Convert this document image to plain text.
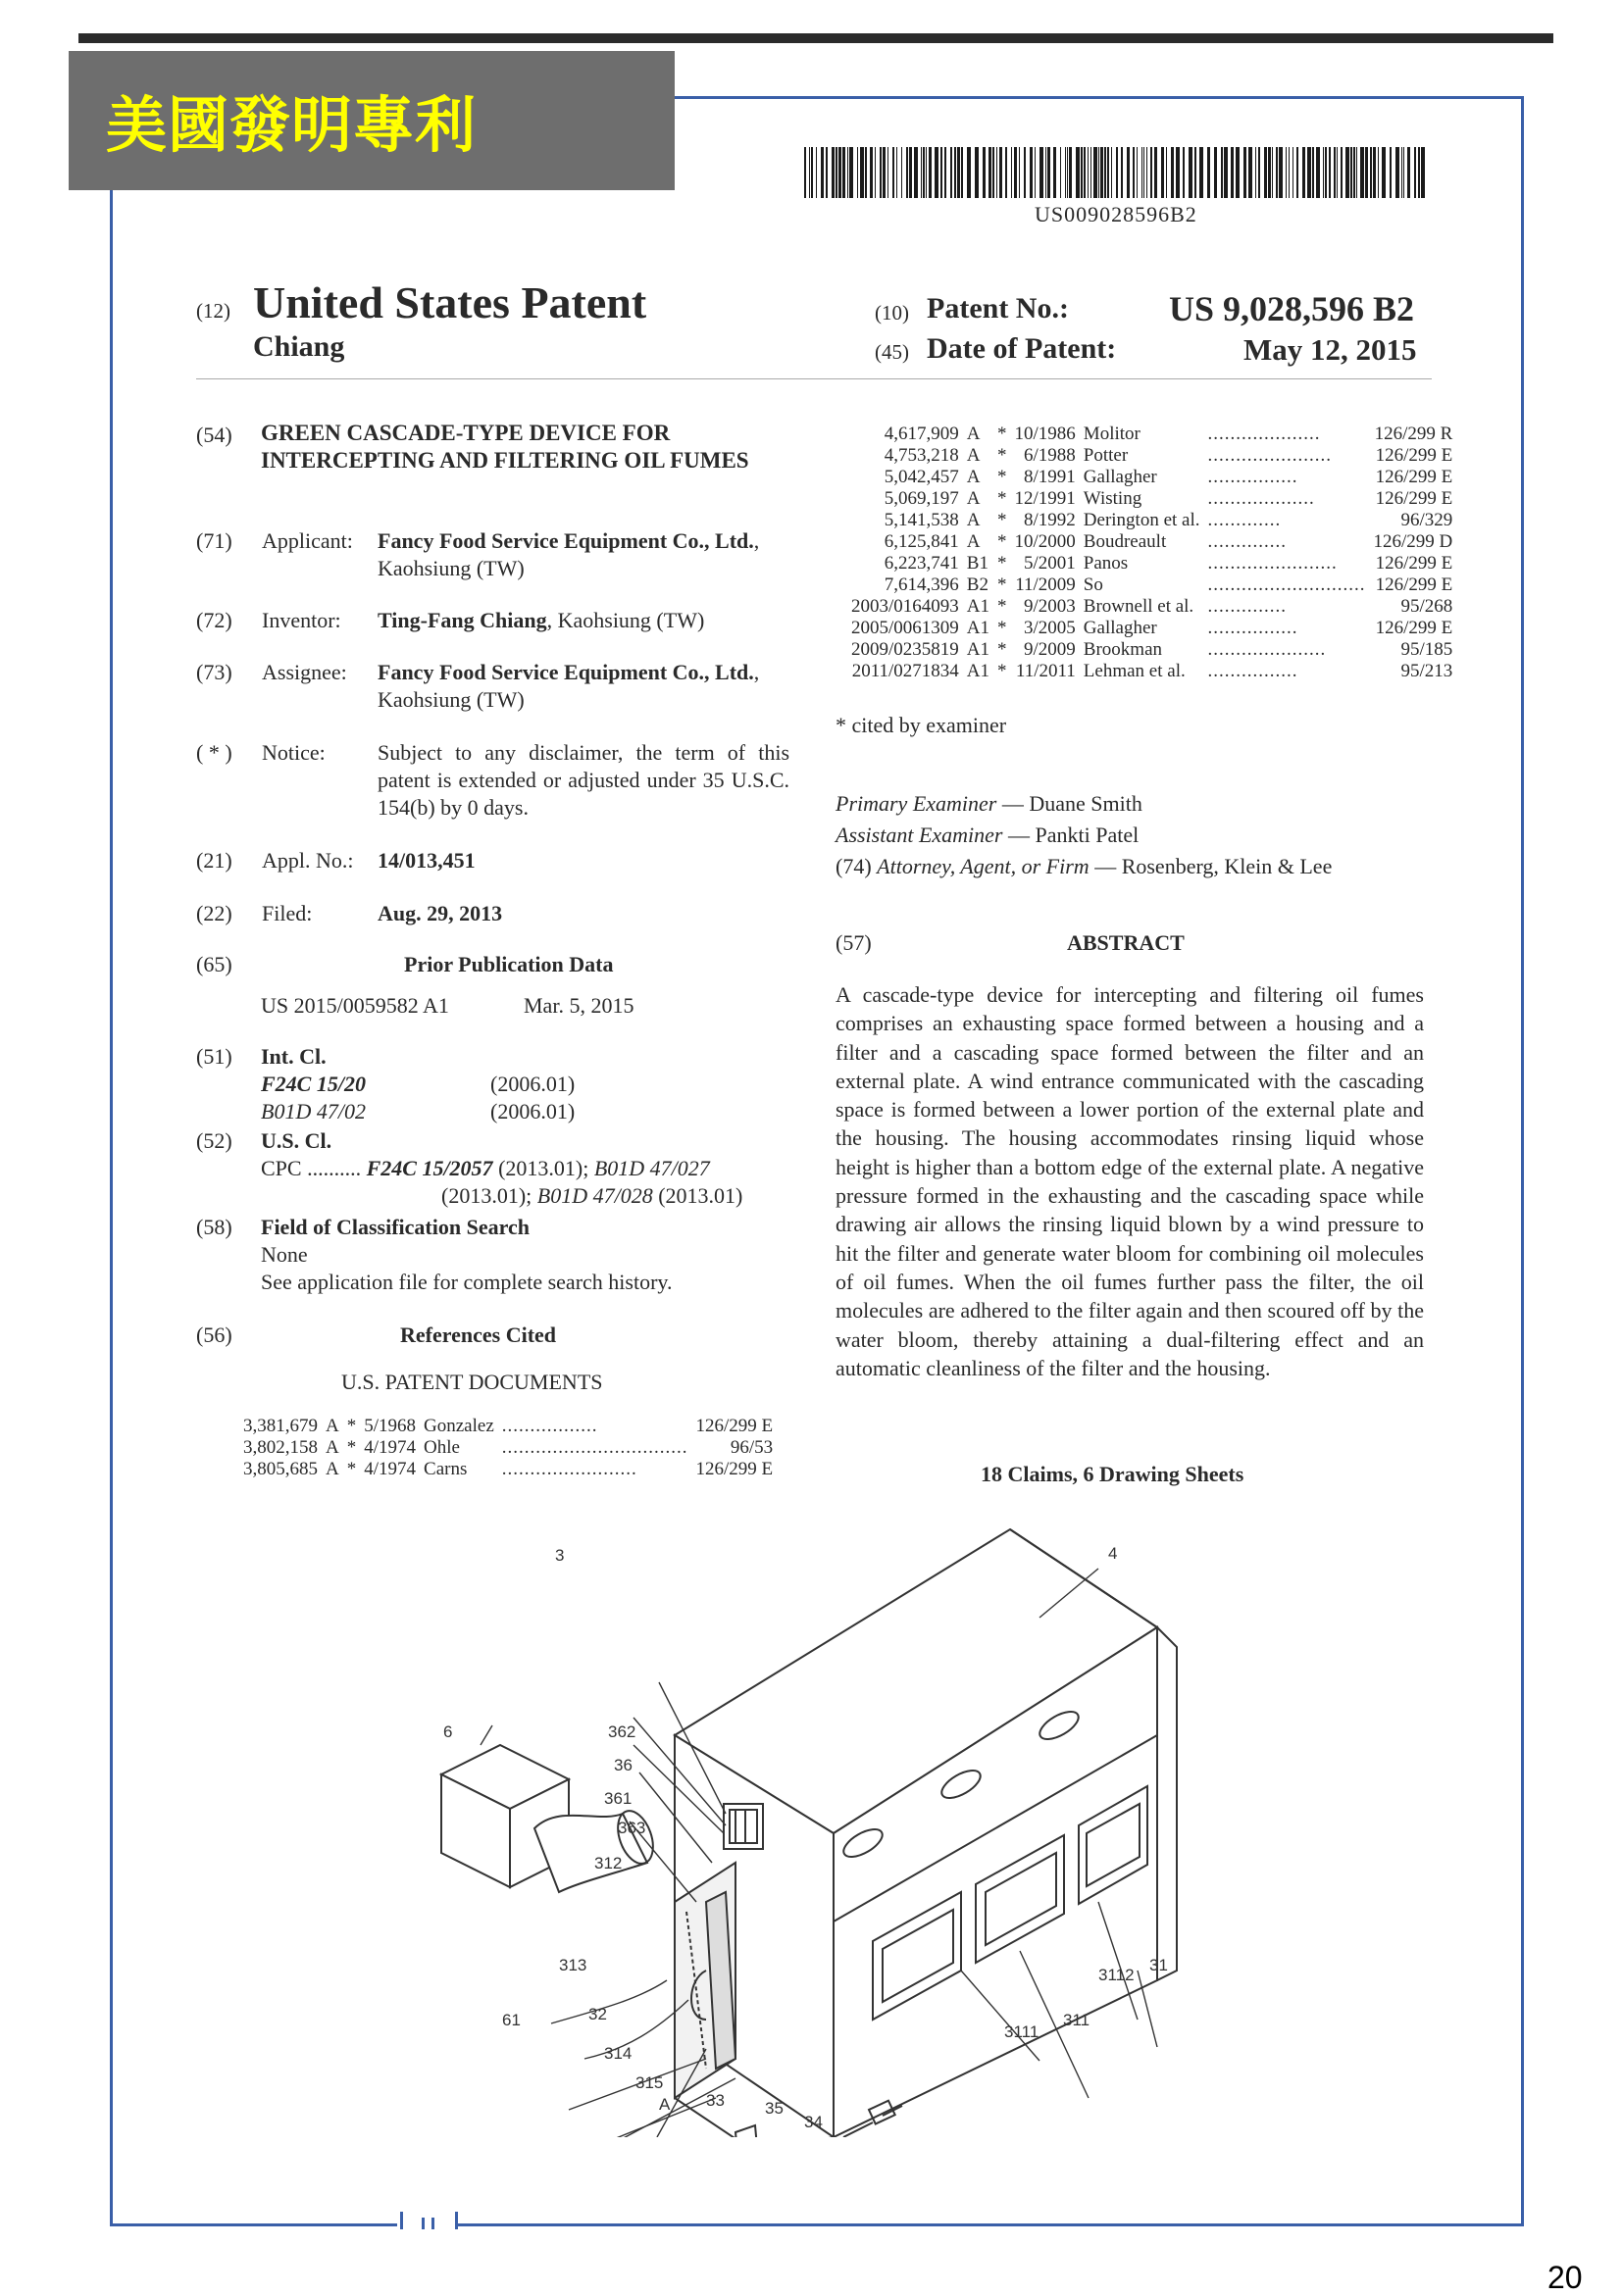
美國發明專利
US009028596B2
(12) United States Patent
Chiang
(10) Patent No.:	US 9,028,596 B2
(45) Date of Patent:	May 12, 2015
(54) GREEN CASCADE-TYPE DEVICE FOR INTERCEPTING AND FILTERING OIL FUMES
(71) Applicant: Fancy Food Service Equipment Co., Ltd., Kaohsiung (TW)
(72) Inventor: Ting-Fang Chiang, Kaohsiung (TW)
(73) Assignee: Fancy Food Service Equipment Co., Ltd., Kaohsiung (TW)
( * ) Notice: Subject to any disclaimer, the term of this patent is extended or adjusted under 35 U.S.C. 154(b) by 0 days.
(21) Appl. No.: 14/013,451
(22) Filed:	Aug. 29, 2013
(65)	Prior Publication Data
US 2015/0059582 A1	Mar. 5, 2015
(51) Int. Cl.
F24C 15/20	(2006.01)
B01D 47/02	(2006.01)
(52) U.S. Cl.
CPC .......... F24C 15/2057 (2013.01); B01D 47/027
(2013.01); B01D 47/028 (2013.01)
(58) Field of Classification Search
None
See application file for complete search history.
(56)	References Cited
U.S. PATENT DOCUMENTS
3,381,679	A	*	5/1968	Gonzalez	.................	126/299 E
3,802,158	A	*	4/1974	Ohle	.................................	96/53
3,805,685	A	*	4/1974	Carns	........................	126/299 E
4,617,909	A	*	10/1986	Molitor	....................	126/299 R
4,753,218	A	*	6/1988	Potter	......................	126/299 E
5,042,457	A	*	8/1991	Gallagher	................	126/299 E
5,069,197	A	*	12/1991	Wisting	...................	126/299 E
5,141,538	A	*	8/1992	Derington et al.	.............	96/329
6,125,841	A	*	10/2000	Boudreault	..............	126/299 D
6,223,741	B1	*	5/2001	Panos	.......................	126/299 E
7,614,396	B2	*	11/2009	So	............................	126/299 E
2003/0164093	A1	*	9/2003	Brownell et al.	..............	95/268
2005/0061309	A1	*	3/2005	Gallagher	................	126/299 E
2009/0235819	A1	*	9/2009	Brookman	.....................	95/185
2011/0271834	A1	*	11/2011	Lehman et al.	................	95/213
* cited by examiner
Primary Examiner — Duane Smith
Assistant Examiner — Pankti Patel
(74) Attorney, Agent, or Firm — Rosenberg, Klein & Lee
(57)	ABSTRACT
A cascade-type device for intercepting and filtering oil fumes comprises an exhausting space formed between a housing and a filter and a cascading space formed between the filter and an external plate. A wind entrance communicated with the cascading space is formed between a lower portion of the external plate and the housing. The housing accommodates rinsing liquid whose height is higher than a bottom edge of the external plate. A negative pressure formed in the exhausting and the cascading space while drawing air allows the rinsing liquid blown by a wind pressure to hit the filter and generate water bloom for combining oil molecules of oil fumes. When the oil fumes further pass the filter, the oil molecules are adhered to the filter again and then scoured off by the water bloom, thereby attaining a dual-filtering effect and an automatic cleanliness of the filter and the housing.
18 Claims, 6 Drawing Sheets
3	4
6	362
36
361
363
312
61
313
32
314
315
A 33 35
34
3111
311
3112
31
20
